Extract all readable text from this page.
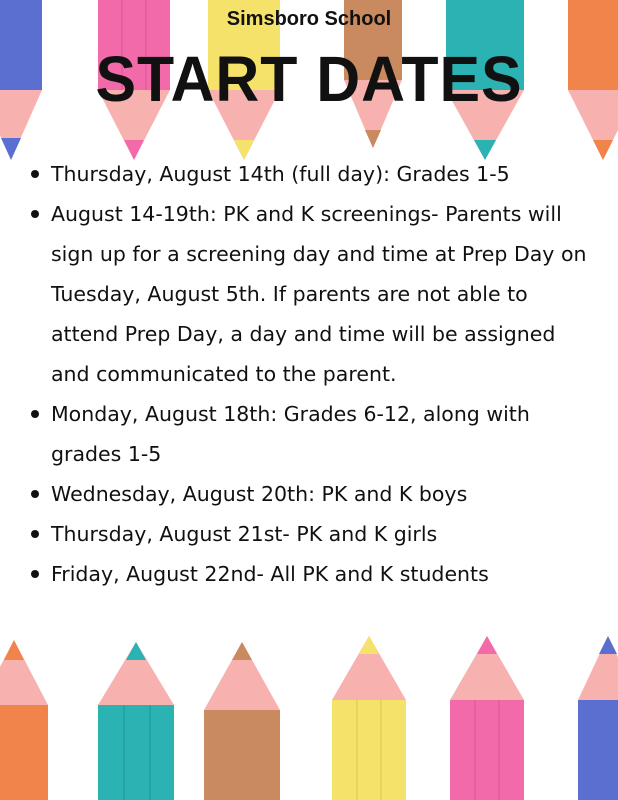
Simsboro School
START DATES
Thursday, August 14th (full day): Grades 1-5
August 14-19th: PK and K screenings- Parents will sign up for a screening day and time at Prep Day on Tuesday, August 5th. If parents are not able to attend Prep Day, a day and time will be assigned and communicated to the parent.
Monday, August 18th: Grades 6-12, along with grades 1-5
Wednesday, August 20th: PK and K boys
Thursday, August 21st- PK and K girls
Friday, August 22nd- All PK and K students
